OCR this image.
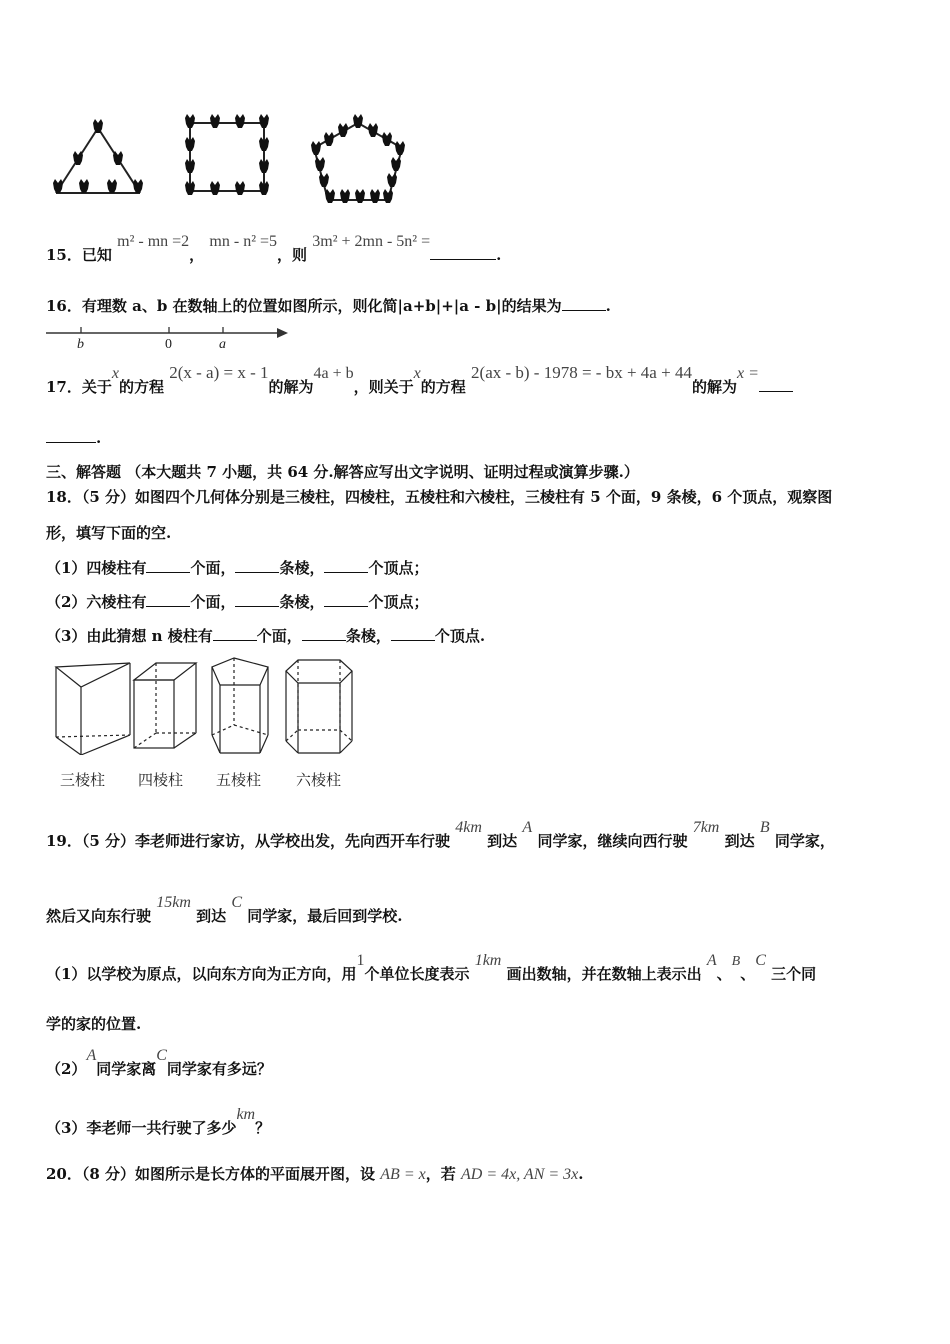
15．已知 m² - mn =2， mn - n² =5，则 3m² + 2mn - 5n² =.
16．有理数 a、b 在数轴上的位置如图所示，则化简|a+b|+|a - b|的结果为	.
b	0	a
17．关于x的方程 2(x - a) = x - 1的解为4a + b，则关于x的方程 2(ax - b) - 1978 = - bx + 4a + 44的解为x =
.
三、解答题 （本大题共 7 小题，共 64 分.解答应写出文字说明、证明过程或演算步骤.）
18．（5 分）如图四个几何体分别是三棱柱，四棱柱，五棱柱和六棱柱，三棱柱有 5 个面，9 条棱，6 个顶点，观察图
形，填写下面的空.
（1）四棱柱有	个面，	条棱，	个顶点；
（2）六棱柱有	个面，	条棱，	个顶点；
（3）由此猜想 n 棱柱有	个面，	条棱，	个顶点.
三棱柱 四棱柱 五棱柱 六棱柱
19．（5 分）李老师进行家访，从学校出发，先向西开车行驶 4km 到达 A 同学家，继续向西行驶 7km 到达 B 同学家，
然后又向东行驶 15km 到达 C 同学家，最后回到学校.
（1）以学校为原点，以向东方向为正方向，用1个单位长度表示 1km 画出数轴，并在数轴上表示出 A、B、C 三个同
学的家的位置.
（2）A同学家离C同学家有多远？
（3）李老师一共行驶了多少km？
20．（8 分）如图所示是长方体的平面展开图，设 AB = x，若 AD = 4x, AN = 3x.
